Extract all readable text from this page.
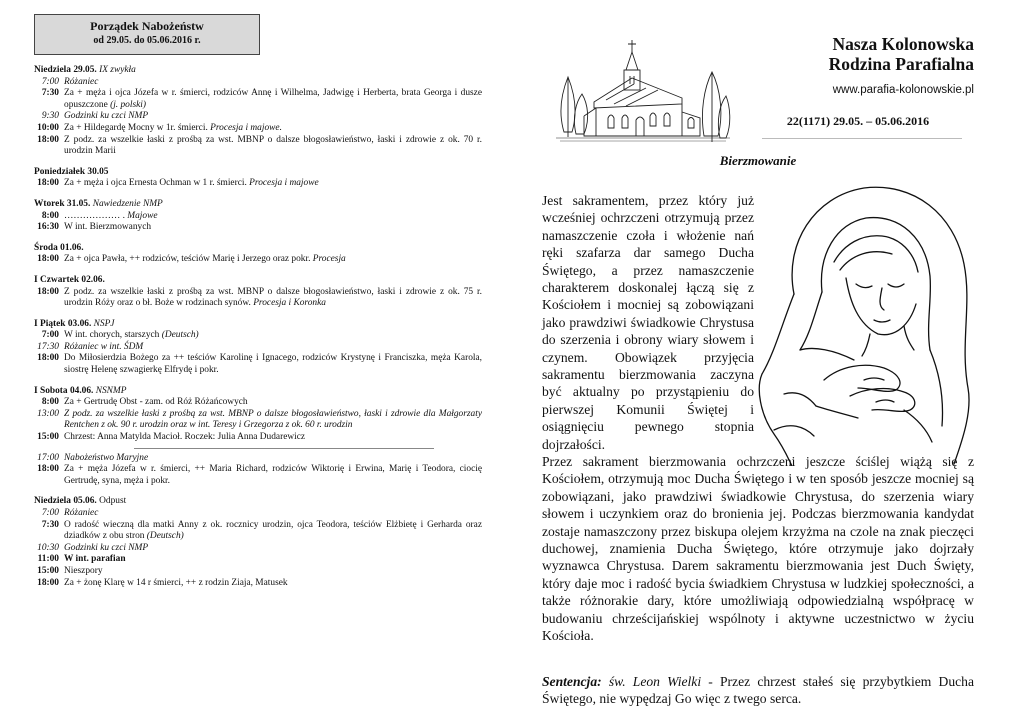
Porządek Nabożeństw
od 29.05. do 05.06.2016 r.
Niedziela 29.05. IX zwykła
7:00 Różaniec
7:30 Za + męża i ojca Józefa w r. śmierci, rodziców Annę i Wilhelma, Jadwigę i Herberta, brata Georga i dusze opuszczone (j. polski)
9:30 Godzinki ku czci NMP
10:00 Za + Hildegardę Mocny w 1r. śmierci. Procesja i majowe.
18:00 Z podz. za wszelkie łaski z prośbą za wst. MBNP o dalsze błogosławieństwo, łaski i zdrowie z ok. 70 r. urodzin Marii
Poniedziałek 30.05
18:00 Za + męża i ojca Ernesta Ochman w 1 r. śmierci. Procesja i majowe
Wtorek 31.05. Nawiedzenie NMP
8:00 ……………… . Majowe
16:30 W int. Bierzmowanych
Środa 01.06.
18:00 Za + ojca Pawła, ++ rodziców, teściów Marię i Jerzego oraz pokr. Procesja
I Czwartek 02.06.
18:00 Z podz. za wszelkie łaski z prośbą za wst. MBNP o dalsze błogosławieństwo, łaski i zdrowie z ok. 75 r. urodzin Róży oraz o bł. Boże w rodzinach synów. Procesja i Koronka
I Piątek 03.06. NSPJ
7:00 W int. chorych, starszych (Deutsch)
17:30 Różaniec w int. ŚDM
18:00 Do Miłosierdzia Bożego za ++ teściów Karolinę i Ignacego, rodziców Krystynę i Franciszka, męża Karola, siostrę Helenę szwagierkę Elfrydę i pokr.
I Sobota 04.06. NSNMP
8:00 Za + Gertrudę Obst - zam. od Róż Różańcowych
13:00 Z podz. za wszelkie łaski z prośbą za wst. MBNP o dalsze błogosławieństwo, łaski i zdrowie dla Małgorzaty Rentchen z ok. 90 r. urodzin oraz w int. Teresy i Grzegorza z ok. 60 r. urodzin
15:00 Chrzest: Anna Matylda Macioł. Roczek: Julia Anna Dudarewicz
17:00 Nabożeństwo Maryjne
18:00 Za + męża Józefa w r. śmierci, ++ Maria Richard, rodziców Wiktorię i Erwina, Marię i Teodora, ciocię Gertrudę, syna, męża i pokr.
Niedziela 05.06. Odpust
7:00 Różaniec
7:30 O radość wieczną dla matki Anny z ok. rocznicy urodzin, ojca Teodora, teściów Elżbietę i Gerharda oraz dziadków z obu stron (Deutsch)
10:30 Godzinki ku czci NMP
11:00 W int. parafian
15:00 Nieszpory
18:00 Za + żonę Klarę w 14 r śmierci, ++ z rodzin Ziaja, Matusek
Nasza Kolonowska
Rodzina Parafialna
www.parafia-kolonowskie.pl
22(1171) 29.05. – 05.06.2016
Bierzmowanie
Jest sakramentem, przez który już wcześniej ochrzczeni otrzymują przez namaszczenie czoła i włożenie nań ręki szafarza dar samego Ducha Świętego, a przez namaszczenie charakterem doskonalej łączą się z Kościołem i mocniej są zobowiązani jako prawdziwi świadkowie Chrystusa do szerzenia i obrony wiary słowem i czynem. Obowiązek przyjęcia sakramentu bierzmowania zaczyna być aktualny po przystąpieniu do pierwszej Komunii Świętej i osiągnięciu pewnego stopnia dojrzałości.
Przez sakrament bierzmowania ochrzczeni jeszcze ściślej wiążą się z Kościołem, otrzymują moc Ducha Świętego i w ten sposób jeszcze mocniej są zobowiązani, jako prawdziwi świadkowie Chrystusa, do szerzenia wiary słowem i uczynkiem oraz do bronienia jej. Podczas bierzmowania kandydat zostaje namaszczony przez biskupa olejem krzyżma na czole na znak pieczęci duchowej, znamienia Ducha Świętego, które otrzymuje jako dojrzały wyznawca Chrystusa. Darem sakramentu bierzmowania jest Duch Święty, który daje moc i radość bycia świadkiem Chrystusa w ludzkiej społeczności, a także różnorakie dary, które umożliwiają odpowiedzialną współpracę w budowaniu chrześcijańskiej wspólnoty i aktywne uczestnictwo w życiu Kościoła.
Sentencja: św. Leon Wielki - Przez chrzest stałeś się przybytkiem Ducha Świętego, nie wypędzaj Go więc z twego serca.
